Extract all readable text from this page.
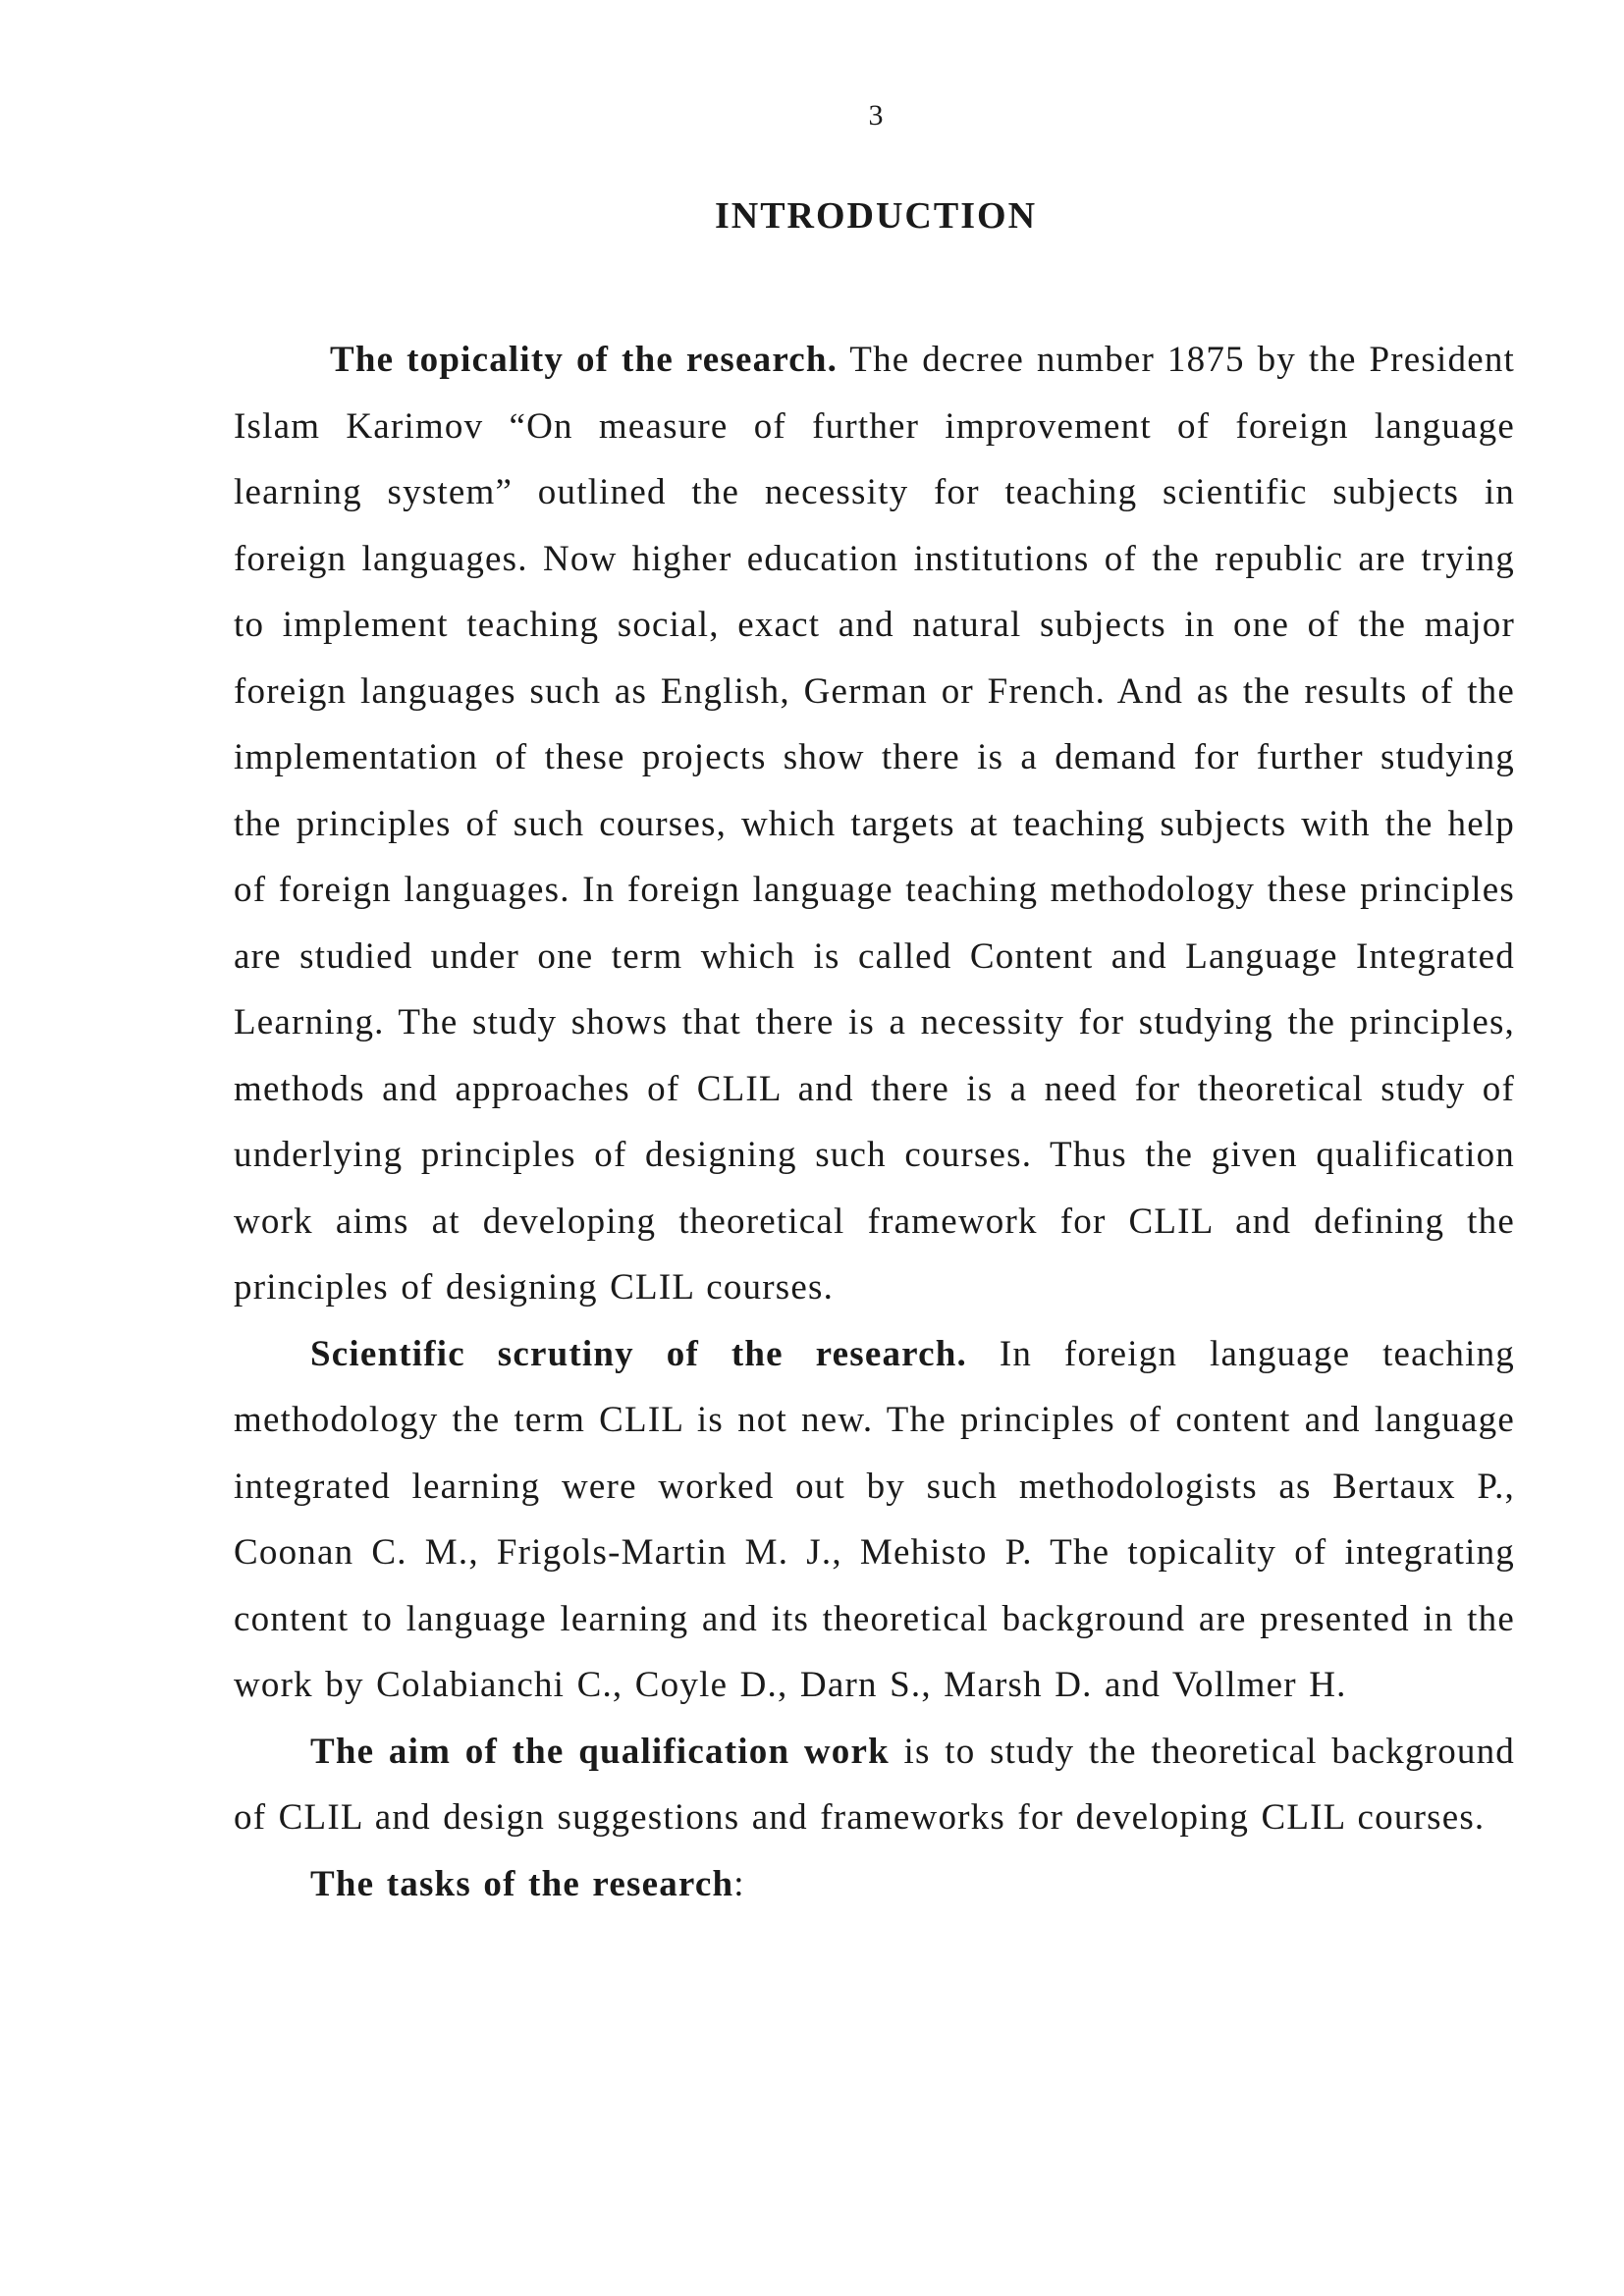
3
INTRODUCTION

The topicality of the research. The decree number 1875 by the President Islam Karimov “On measure of further improvement of foreign language learning system” outlined the necessity for teaching scientific subjects in foreign languages. Now higher education institutions of the republic are trying to implement teaching social, exact and natural subjects in one of the major foreign languages such as English, German or French. And as the results of the implementation of these projects show there is a demand for further studying the principles of such courses, which targets at teaching subjects with the help of foreign languages. In foreign language teaching methodology these principles are studied under one term which is called Content and Language Integrated Learning. The study shows that there is a necessity for studying the principles, methods and approaches of CLIL and there is a need for theoretical study of underlying principles of designing such courses. Thus the given qualification work aims at developing theoretical framework for CLIL and defining the principles of designing CLIL courses.

Scientific scrutiny of the research. In foreign language teaching methodology the term CLIL is not new. The principles of content and language integrated learning were worked out by such methodologists as Bertaux P., Coonan C. M., Frigols-Martin M. J., Mehisto P. The topicality of integrating content to language learning and its theoretical background are presented in the work by Colabianchi C., Coyle D., Darn S., Marsh D. and Vollmer H.

The aim of the qualification work is to study the theoretical background of CLIL and design suggestions and frameworks for developing CLIL courses.

The tasks of the research:
